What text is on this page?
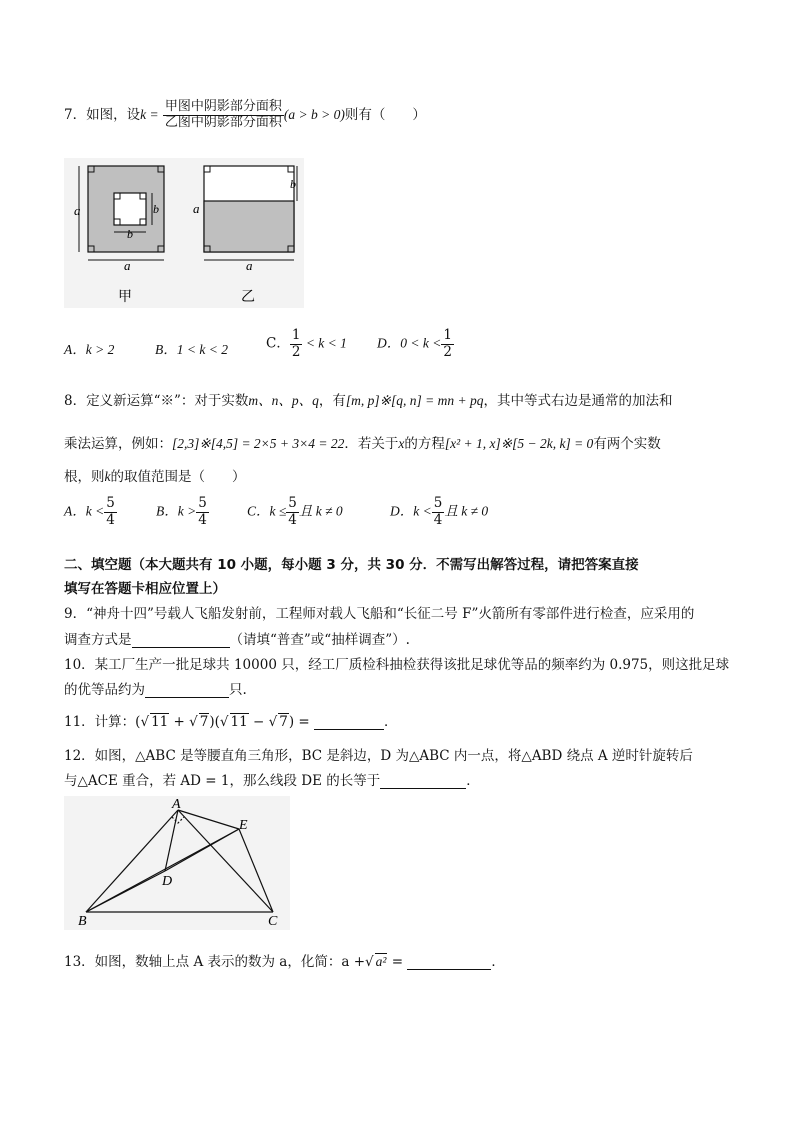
7．如图，设$k = \frac{\text{甲图中阴影部分面积}}{\text{乙图中阴影部分面积}} (a > b > 0)$则有（　　）
a
a
b
b
甲
a
a
b
乙
A．k > 2	B．1 < k < 2	C． $\frac{1}{2} < k < 1$ D．$0 < k < \frac{1}{2}$
8．定义新运算“※”：对于实数m、n、p、q，有[m, p]※[q, n] = mn + pq，其中等式右边是通常的加法和
乘法运算，例如：[2,3]※[4,5] = 2×5 + 3×4 = 22．若关于x的方程[x² + 1, x]※[5 − 2k, k] = 0有两个实数
根，则k的取值范围是（　　）
A．$k < \frac{5}{4}$	B．$k > \frac{5}{4}$	C．$k \le \frac{5}{4}$ 且 k ≠ 0	D．$k < \frac{5}{4}$ 且 k ≠ 0
二、填空题（本大题共有 10 小题，每小题 3 分，共 30 分．不需写出解答过程，请把答案直接
填写在答题卡相应位置上）
9．“神舟十四”号载人飞船发射前，工程师对载人飞船和“长征二号 F”火箭所有零部件进行检查，应采用的
调查方式是	（请填“普查”或“抽样调查”）.
10．某工厂生产一批足球共 10000 只，经工厂质检科抽检获得该批足球优等品的频率约为 0.975，则这批足球
的优等品约为	只.
11．计算：(√ 11 + √ 7)(√ 11 − √ 7) =	．
12．如图，△ABC 是等腰直角三角形，BC 是斜边，D 为△ABC 内一点，将△ABD 绕点 A 逆时针旋转后
与△ACE 重合，若 AD = 1，那么线段 DE 的长等于	．
A
B	C
D
E
13．如图，数轴上点 A 表示的数为 a，化简：a +√ a² =	．
